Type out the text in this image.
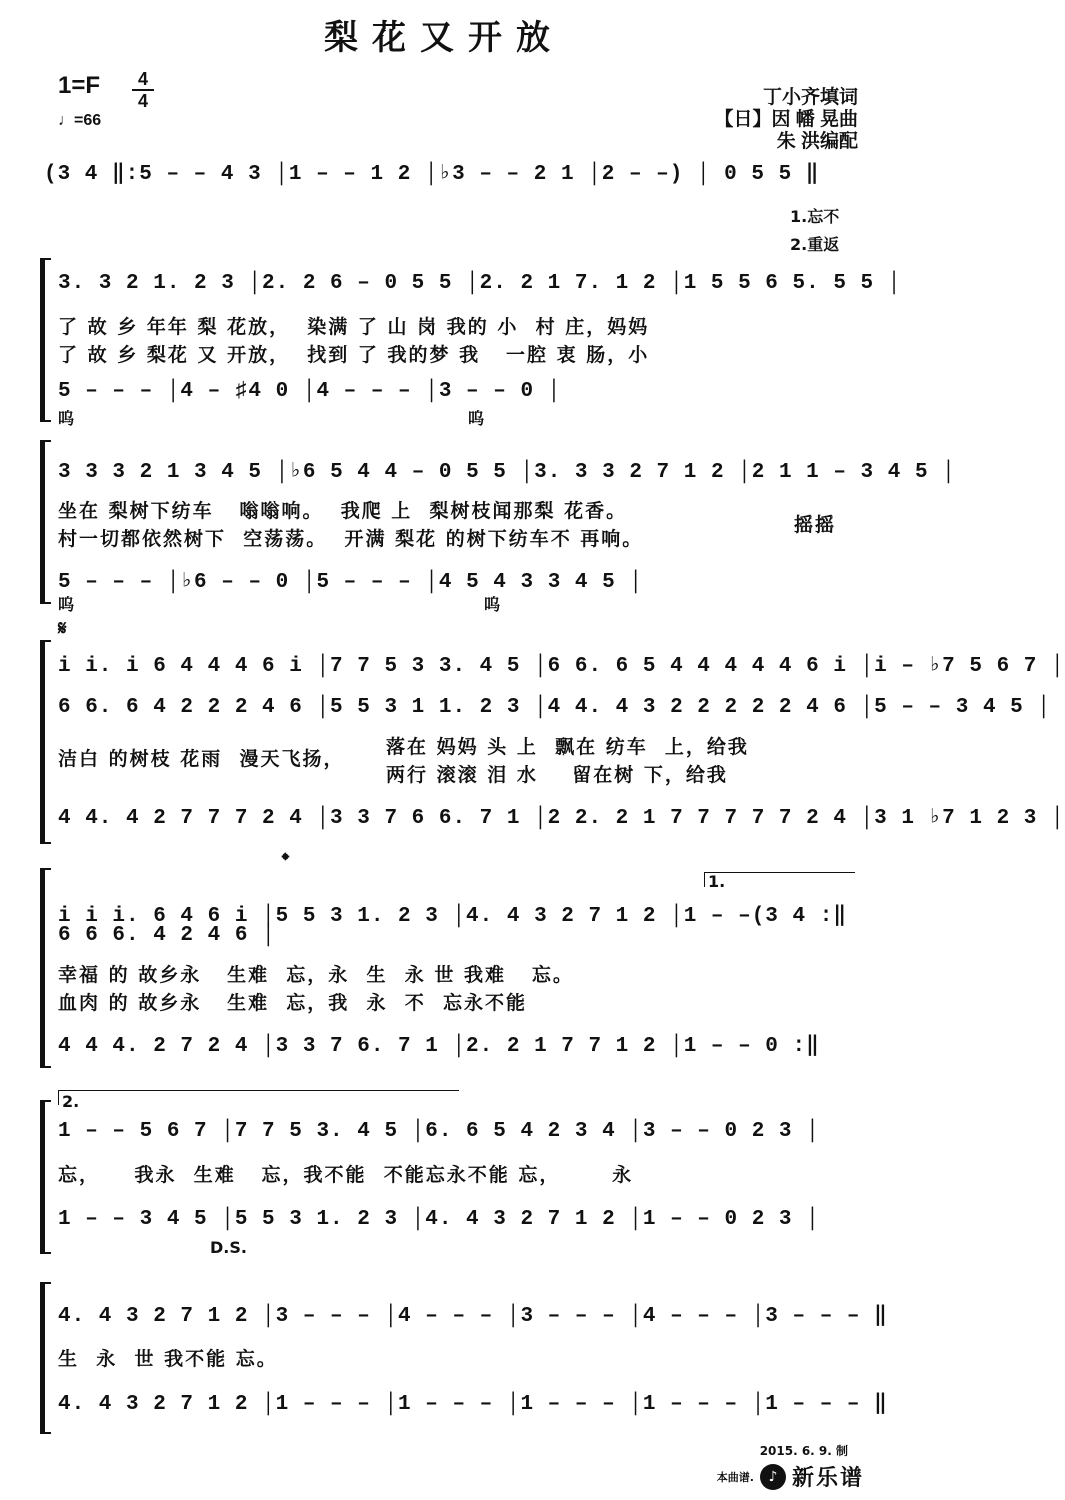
梨花又开放
1=F	4
4
♩=66
丁小齐填词
【日】因 幡 晃曲
朱 洪编配
(3 4 ‖:5 – – 4 3 │1 – – 1 2 │♭3 – – 2 1 │2 – –) │ 0 5 5 ‖
1.忘不
2.重返
3. 3 2 1. 2 3 │2. 2 6 – 0 5 5 │2. 2 1 7. 1 2 │1 5 5 6 5. 5 5 │
了 故 乡 年年 梨 花放，  染满 了 山 岗 我的 小  村 庄，妈妈
了 故 乡 梨花 又 开放，  找到 了 我的梦 我   一腔 衷 肠，小
5 – – – │4 – ♯4 0 │4 – – – │3 – – 0 │
呜	呜
3 3 3 2 1 3 4 5 │♭6 5 4 4 – 0 5 5 │3. 3 3 2 7 1 2 │2 1 1 – 3 4 5 │
坐在 梨树下纺车   嗡嗡响。  我爬 上  梨树枝闻那梨 花香。
村一切都依然树下  空荡荡。  开满 梨花 的树下纺车不 再响。
摇摇
5 – – – │♭6 – – 0 │5 – – – │4 5 4 3 3 4 5 │
呜	呜
𝄋
i i. i 6 4 4 4 6 i │7 7 5 3 3. 4 5 │6 6. 6 5 4 4 4 4 4 6 i │i – ♭7 5 6 7 │
6 6. 6 4 2 2 2 4 6 │5 5 3 1 1. 2 3 │4 4. 4 3 2 2 2 2 2 4 6 │5 – – 3 4 5 │
洁白 的树枝 花雨  漫天飞扬，
落在 妈妈 头 上  飘在 纺车  上，给我
两行 滚滚 泪 水    留在树 下，给我
4 4. 4 2 7 7 7 2 4 │3 3 7 6 6. 7 1 │2 2. 2 1 7 7 7 7 7 2 4 │3 1 ♭7 1 2 3 │
𝄌
1.
i i i. 6 4 6 i │5 5 3 1. 2 3 │4. 4 3 2 7 1 2 │1 – –(3 4 :‖
6 6 6. 4 2 4 6 │
幸福 的 故乡永   生难  忘，永  生  永 世 我难   忘。
血肉 的 故乡永   生难  忘，我  永  不  忘永不能
4 4 4. 2 7 2 4 │3 3 7 6. 7 1 │2. 2 1 7 7 1 2 │1 – – 0 :‖
2.
1 – – 5 6 7 │7 7 5 3. 4 5 │6. 6 5 4 2 3 4 │3 – – 0 2 3 │
忘，    我永  生难   忘，我不能  不能忘永不能 忘，      永
1 – – 3 4 5 │5 5 3 1. 2 3 │4. 4 3 2 7 1 2 │1 – – 0 2 3 │
D.S.
4. 4 3 2 7 1 2 │3 – – – │4 – – – │3 – – – │4 – – – │3 – – – ‖
生  永  世 我不能 忘。
4. 4 3 2 7 1 2 │1 – – – │1 – – – │1 – – – │1 – – – │1 – – – ‖
2015. 6. 9. 制
本曲谱.	♪ 新乐谱
